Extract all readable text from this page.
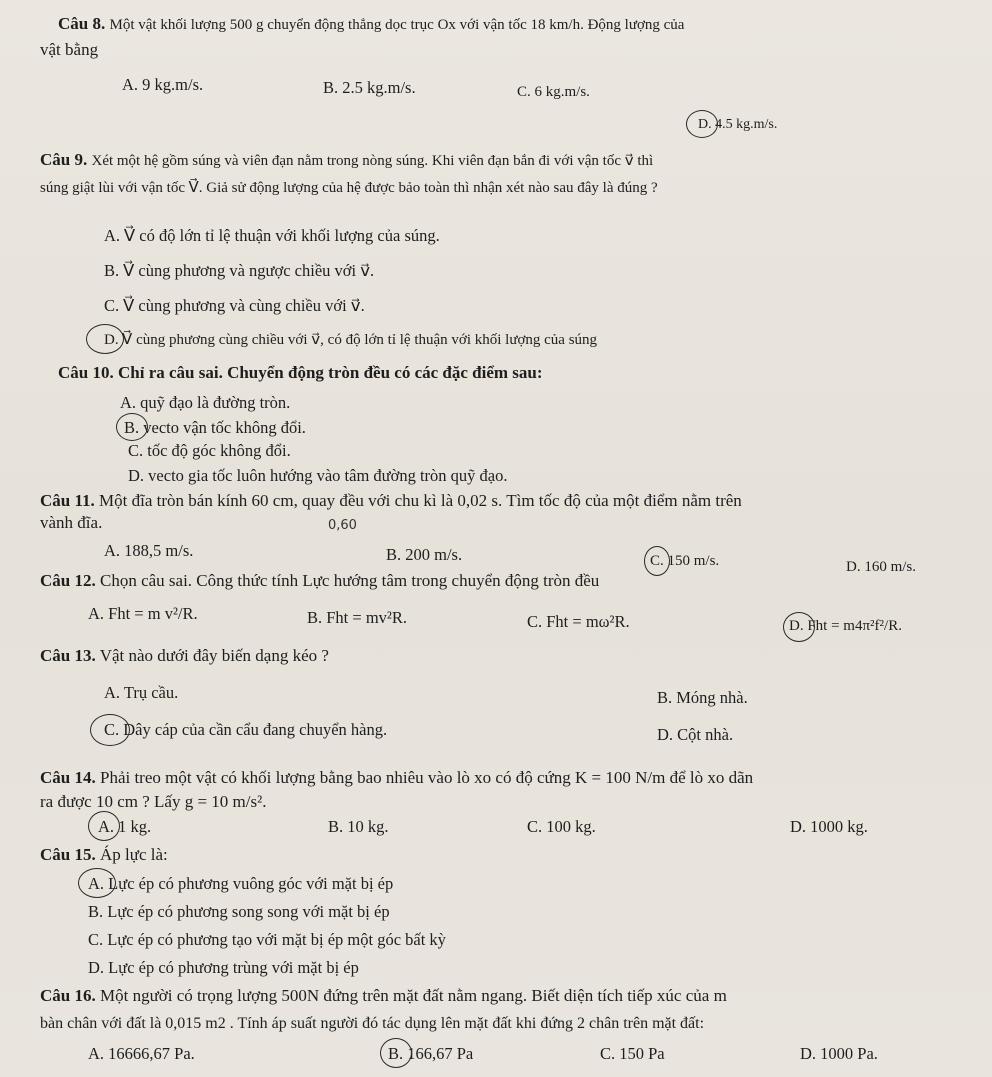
Câu 8. Một vật khối lượng 500 g chuyển động thẳng dọc trục Ox với vận tốc 18 km/h. Động lượng của
vật bằng
A. 9 kg.m/s.	B. 2.5 kg.m/s.	C. 6 kg.m/s.
D. 4.5 kg.m/s.
Câu 9. Xét một hệ gồm súng và viên đạn nằm trong nòng súng. Khi viên đạn bắn đi với vận tốc v⃗ thì
súng giật lùi với vận tốc V⃗. Giả sử động lượng của hệ được bảo toàn thì nhận xét nào sau đây là đúng ?
A. V⃗ có độ lớn tỉ lệ thuận với khối lượng của súng.
B. V⃗ cùng phương và ngược chiều với v⃗.
C. V⃗ cùng phương và cùng chiều với v⃗.
D. V⃗ cùng phương cùng chiều với v⃗, có độ lớn tỉ lệ thuận với khối lượng của súng
Câu 10. Chỉ ra câu sai. Chuyển động tròn đều có các đặc điểm sau:
A. quỹ đạo là đường tròn.
B. vecto vận tốc không đổi.
C. tốc độ góc không đổi.
D. vecto gia tốc luôn hướng vào tâm đường tròn quỹ đạo.
Câu 11. Một đĩa tròn bán kính 60 cm, quay đều với chu kì là 0,02 s. Tìm tốc độ của một điểm nằm trên
vành đĩa.	0,60
A. 188,5 m/s.	B. 200 m/s.	C. 150 m/s.	D. 160 m/s.
Câu 12. Chọn câu sai. Công thức tính Lực hướng tâm trong chuyển động tròn đều
A. Fht = m v²/R.	B. Fht = mv²R.	C. Fht = mω²R.	D. Fht = m4π²f²/R.
Câu 13. Vật nào dưới đây biến dạng kéo ?
A. Trụ cầu.	B. Móng nhà.
C. Dây cáp của cần cẩu đang chuyển hàng.	D. Cột nhà.
Câu 14. Phải treo một vật có khối lượng bằng bao nhiêu vào lò xo có độ cứng K = 100 N/m để lò xo dãn
ra được 10 cm ? Lấy g = 10 m/s².
A. 1 kg.	B. 10 kg.	C. 100 kg.	D. 1000 kg.
Câu 15. Áp lực là:
A. Lực ép có phương vuông góc với mặt bị ép
B. Lực ép có phương song song với mặt bị ép
C. Lực ép có phương tạo với mặt bị ép một góc bất kỳ
D. Lực ép có phương trùng với mặt bị ép
Câu 16. Một người có trọng lượng 500N đứng trên mặt đất nằm ngang. Biết diện tích tiếp xúc của m
bàn chân với đất là 0,015 m2 . Tính áp suất người đó tác dụng lên mặt đất khi đứng 2 chân trên mặt đất:
A. 16666,67 Pa.	B. 166,67 Pa	C. 150 Pa	D. 1000 Pa.
